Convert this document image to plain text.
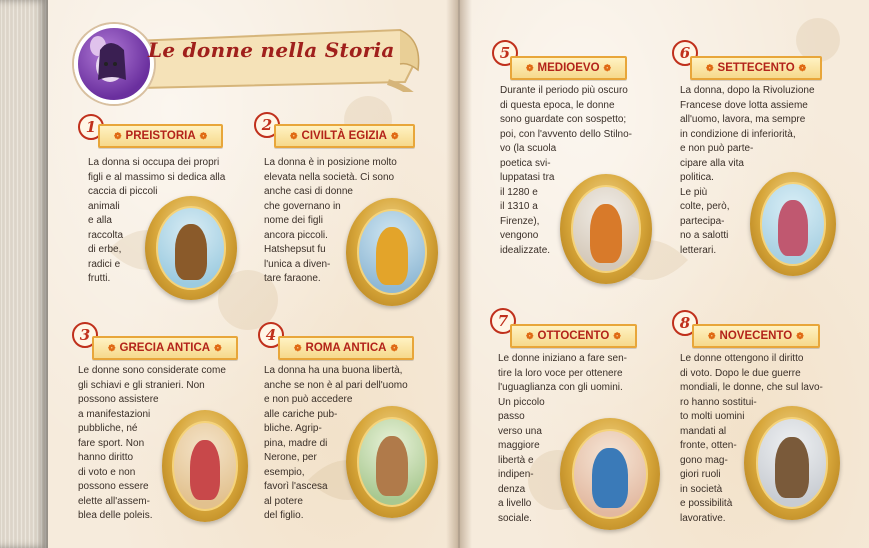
Le donne nella Storia
1	❁ PREISTORIA ❁
La donna si occupa dei propri
figli e al massimo si dedica alla
caccia di piccoli
animali
e alla
raccolta
di erbe,
radici e
frutti.
2
❁ CIVILTÀ EGIZIA ❁
La donna è in posizione molto
elevata nella società. Ci sono
anche casi di donne
che governano in
nome dei figli
ancora piccoli.
Hatshepsut fu
l'unica a diven-
tare faraone.
3
❁ GRECIA ANTICA ❁
Le donne sono considerate come
gli schiavi e gli stranieri. Non
possono assistere
a manifestazioni
pubbliche, né
fare sport. Non
hanno diritto
di voto e non
possono essere
elette all'assem-
blea delle poleis.
4
❁ ROMA ANTICA ❁
La donna ha una buona libertà,
anche se non è al pari dell'uomo
e non può accedere
alle cariche pub-
bliche. Agrip-
pina, madre di
Nerone, per
esempio,
favorì l'ascesa
al potere
del figlio.
5
❁ MEDIOEVO ❁
Durante il periodo più oscuro
di questa epoca, le donne
sono guardate con sospetto;
poi, con l'avvento dello Stilno-
vo (la scuola
poetica svi-
luppatasi tra
il 1280 e
il 1310 a
Firenze),
vengono
idealizzate.
6
❁ SETTECENTO ❁
La donna, dopo la Rivoluzione
Francese dove lotta assieme
all'uomo, lavora, ma sempre
in condizione di inferiorità,
e non può parte-
cipare alla vita
politica.
Le più
colte, però,
partecipa-
no a salotti
letterari.
7
❁ OTTOCENTO ❁
Le donne iniziano a fare sen-
tire la loro voce per ottenere
l'uguaglianza con gli uomini.
Un piccolo
passo
verso una
maggiore
libertà e
indipen-
denza
a livello
sociale.
8
❁ NOVECENTO ❁
Le donne ottengono il diritto
di voto. Dopo le due guerre
mondiali, le donne, che sul lavo-
ro hanno sostitui-
to molti uomini
mandati al
fronte, otten-
gono mag-
giori ruoli
in società
e possibilità
lavorative.
